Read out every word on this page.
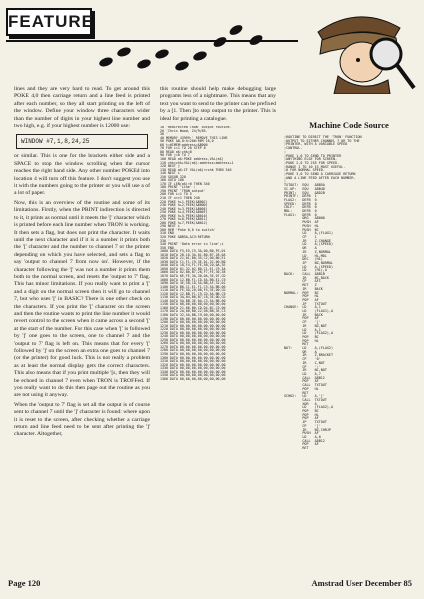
FEATURE

lines and they are very hard to read. To get around this POKE 4,0 then carriage return and a line feed is printed after each number, so they all start printing on the left of the window. Define your window three characters wider than the number of digits in your highest line number and two high, e.g. if your highest number is 12000 use:

WINDOW #7,1,8,24,25

or similar. This is one for the brackets either side and a SPACE to stop the window scrolling when the cursor reaches the right hand side. Any other number POKEd into location 4 will turn off this feature. I don't suggest you use it with the numbers going to the printer or you will use a of a lot of paper.

Now, this is an overview of the routine and some of its limitations. Firstly, when the PRINT indirection is directed to it, it prints as normal until it meets the '[' character which is printed before each line number when TRON is working. It then sets a flag, but does not print the character. It waits until the next character and if it is a number it prints both the '[' character and the number to channel 7 or the printer depending on which you have selected, and sets a flag to say 'output to channel 7 from now on'. However, if the character following the '[' was not a number it prints them both to the normal screen, and resets the 'output to 7' flag. This has minor limitations. If you really want to print a '[' and a digit on the normal screen then it will go to channel 7, but who uses '[' in BASIC? There is one other check on the characters. If you print the '[' character on the screen and then the routine wants to print the line number it would revert control to the screen when it came across a second '[' at the start of the number. For this case when '[' is followed by ']' one goes to the screen, one to channel 7 and the 'output to 7' flag is left on. This means that for every '[' followed by ']' on the screen an extra one goes to channel 7 (or the printer) for good luck. This is not really a problem as at least the normal display gets the correct characters. This also means that if you print multiple '[s, then they will be echoed in channel 7 even when TRON is TROFFed. If you really want to do this then page out the routine as you are not using it anyway.

When the 'output to 7' flag is set all the output is of course sent to channel 7 until the ']' character is found: where upon it is reset to the screen, after checking whether a carriage return and line feed need to be sent after printing the ']' character. Altogether,

this routine should help make debugging large programs less of a nightmare. This means that any text you want to send to the printer can be prefixed by a [1. Then ]to stop output to the printer. This is ideal for printing a catalogue.

10 'Redirected TRON' output routine.
20 'Chris Wood, 24/9/85.
30 '
40 MEMORY 43999:' REMOVE THIS LINE
50 POKE &B,0:h=200:REM 16,0
60 t=HIMEM:address=&B000
70 FOR i=1 TO 28 STEP 8
80 READ a$:chk=0
90 FOR j=0 TO 7
100 READ a$:POKE address,VAL(a$)
110 chk=chk+VAL(a$):address=address+1
120 NEXT j
130 READ a$:IF VAL(a$)<>chk THEN 340
140 NEXT i
150 GOSUB 320
160 GOTO 180
170 IF LEN(a$)>0 THEN 340
180 PRINT 'Line' ;
190 PRINT 'TRON output'
200 FOR i=1 TO 5
210 IF x<>1 THEN 240
220 POKE h+1,PEEK(&B00C)
230 POKE h+2,PEEK(&B00D)
240 POKE h+3,PEEK(&B00E)
250 POKE h+4,PEEK(&B00F)
260 POKE h+5,PEEK(&B010)
270 POKE h+6,PEEK(&B011)
280 POKE h+7,PEEK(&B012)
290 NEXT i
300 REM 'Poke 0,0 to switch'
310 END
320 POKE &BB5A,&C3:RETURN
330 '
340 PRINT 'Data error in line';i
350 END
1000 DATA F5,E5,C5,3A,00,B0,FE,01
1010 DATA 28,10,3A,01,B0,B7,28,0A
1020 DATA 21,01,B0,35,C2,00,B0,E1
1030 DATA C1,F1,C9,3E,01,32,00,B0
1040 DATA 18,F4,F1,FE,5B,20,0A,3E
1050 DATA 01,32,02,B0,C1,E1,C9,3A
1060 DATA 02,B0,B7,28,F7,FE,30,38
1070 DATA 0E,FE,3A,30,0A,3E,07,CD
1080 DATA 12,BB,F1,CD,5A,BB,E1,C9
1090 DATA 3E,5B,CD,5A,BB,AF,32,02
1100 DATA B0,C1,E1,F1,C3,5A,BB,00
1110 DATA FE,5D,20,08,F5,3E,00,CD
1120 DATA 12,BB,F1,C9,CD,5A,BB,C9
1130 DATA 3A,04,B0,B7,C8,3E,0D,CD
1140 DATA 5A,BB,3E,0A,C3,5A,BB,00
1150 DATA 00,00,00,00,00,00,00,00
1160 DATA 21,06,B0,CD,D4,BC,C9,00
1170 DATA 2A,00,B0,22,5B,BB,3E,C3
1180 DATA 32,5A,BB,C9,00,00,00,00
1190 DATA 00,00,00,00,00,00,00,00
1200 DATA 00,00,00,00,00,00,00,00
1210 DATA 00,00,00,00,00,00,00,00
1220 DATA 00,00,00,00,00,00,00,00
1230 DATA 00,00,00,00,00,00,00,00
1240 DATA 00,00,00,00,00,00,00,00
1250 DATA 00,00,00,00,00,00,00,00
1260 DATA 00,00,00,00,00,00,00,00
1270 DATA 00,00,00,00,00,00,00,00
1280 DATA 00,00,00,00,00,00,00,00
1290 DATA 00,00,00,00,00,00,00,00
1300 DATA 00,00,00,00,00,00,00,00
1310 DATA 00,00,00,00,00,00,00,00
1320 DATA 00,00,00,00,00,00,00,00
1330 DATA 00,00,00,00,00,00,00,00
1340 DATA 00,00,00,00,00,00,00,00
1350 DATA 00,00,00,00,00,00,00,00
1360 DATA 00,00,00,00,00,00,00,00
Machine Code Source
;ROUTINE TO DIRECT THE 'TRON' FUNCTION
;OUTPUT TO EITHER CHANNEL 7 OR TO THE
;PRINTER, WITH A VARIABLE SPEED
;CONTROL.
;
;POKE 1,0 TO SEND TO PRINTER
;ANYTHING ELSE FOR SCREEN.
;POKE 2,0 TO 255 FOR SPEED.
;RANGE 1 TO 10 IS MOST USEFUL.
;0 FOR NORMAL SPEED.
;POKE 3,0 TO SEND A CARRIAGE RETURN
;AND A LINE FEED AFTER EACH NUMBER.
;
TXTOUT:  EQU   &BB5A
SC.UP:   EQU   &BB4D
PRINT:   EQU   &BD2B
PRINTF:  DEFB  1
FLAG2:   DEFB  0
SPEED:   DEFB  0
CRLF:    DEFB  0
MDL:     DEFB  0
FLAG1:   DEFB  0
ORG   &B000
PUSH  AF
PUSH  HL
PUSH  BC
LD    A,(FLAG1)
CP    1
JR    Z,CHANGE
LD    A,(SPEED)
OR    A
JR    Z,NORMAL
LD    HL,MDL
DEC   (HL)
JP    NZ,NORMAL
LD    A,(SPEED)
LD    (HL),A
BACK:    CALL  &BB1B
JR    NC,BACK
CP    &FC
RET   Z
JR    BACK
NORMAL:  POP   BC
POP   HL
POP   AF
JP    TXTOUT
CHANGE:  LD    A,1
LD    (FLAG1),A
JR    BACK
POP   AF
CP    '['
JR    NZ,NOT
LD    A,1
LD    (FLAG2),A
POP   BC
POP   HL
RET
NOT:     LD    A,(FLAG2)
OR    A
JR    Z,BRACKET
CP    '0'
JR    C,NOT
CP    ':'
JR    NC,NOT
LD    A,7
CALL  &BB12
POP   AF
CALL  TXTOUT
POP   HL
RET
SCHK2:   LD    A,'['
CALL  TXTOUT
XOR   A
LD    (FLAG2),A
POP   BC
POP   HL
POP   AF
JP    TXTOUT
CP    ']'
JR    NZ,CHRJP
PUSH  AF
LD    A,0
CALL  &BB12
POP   AF
RET
Page 120	Amstrad User December 85
